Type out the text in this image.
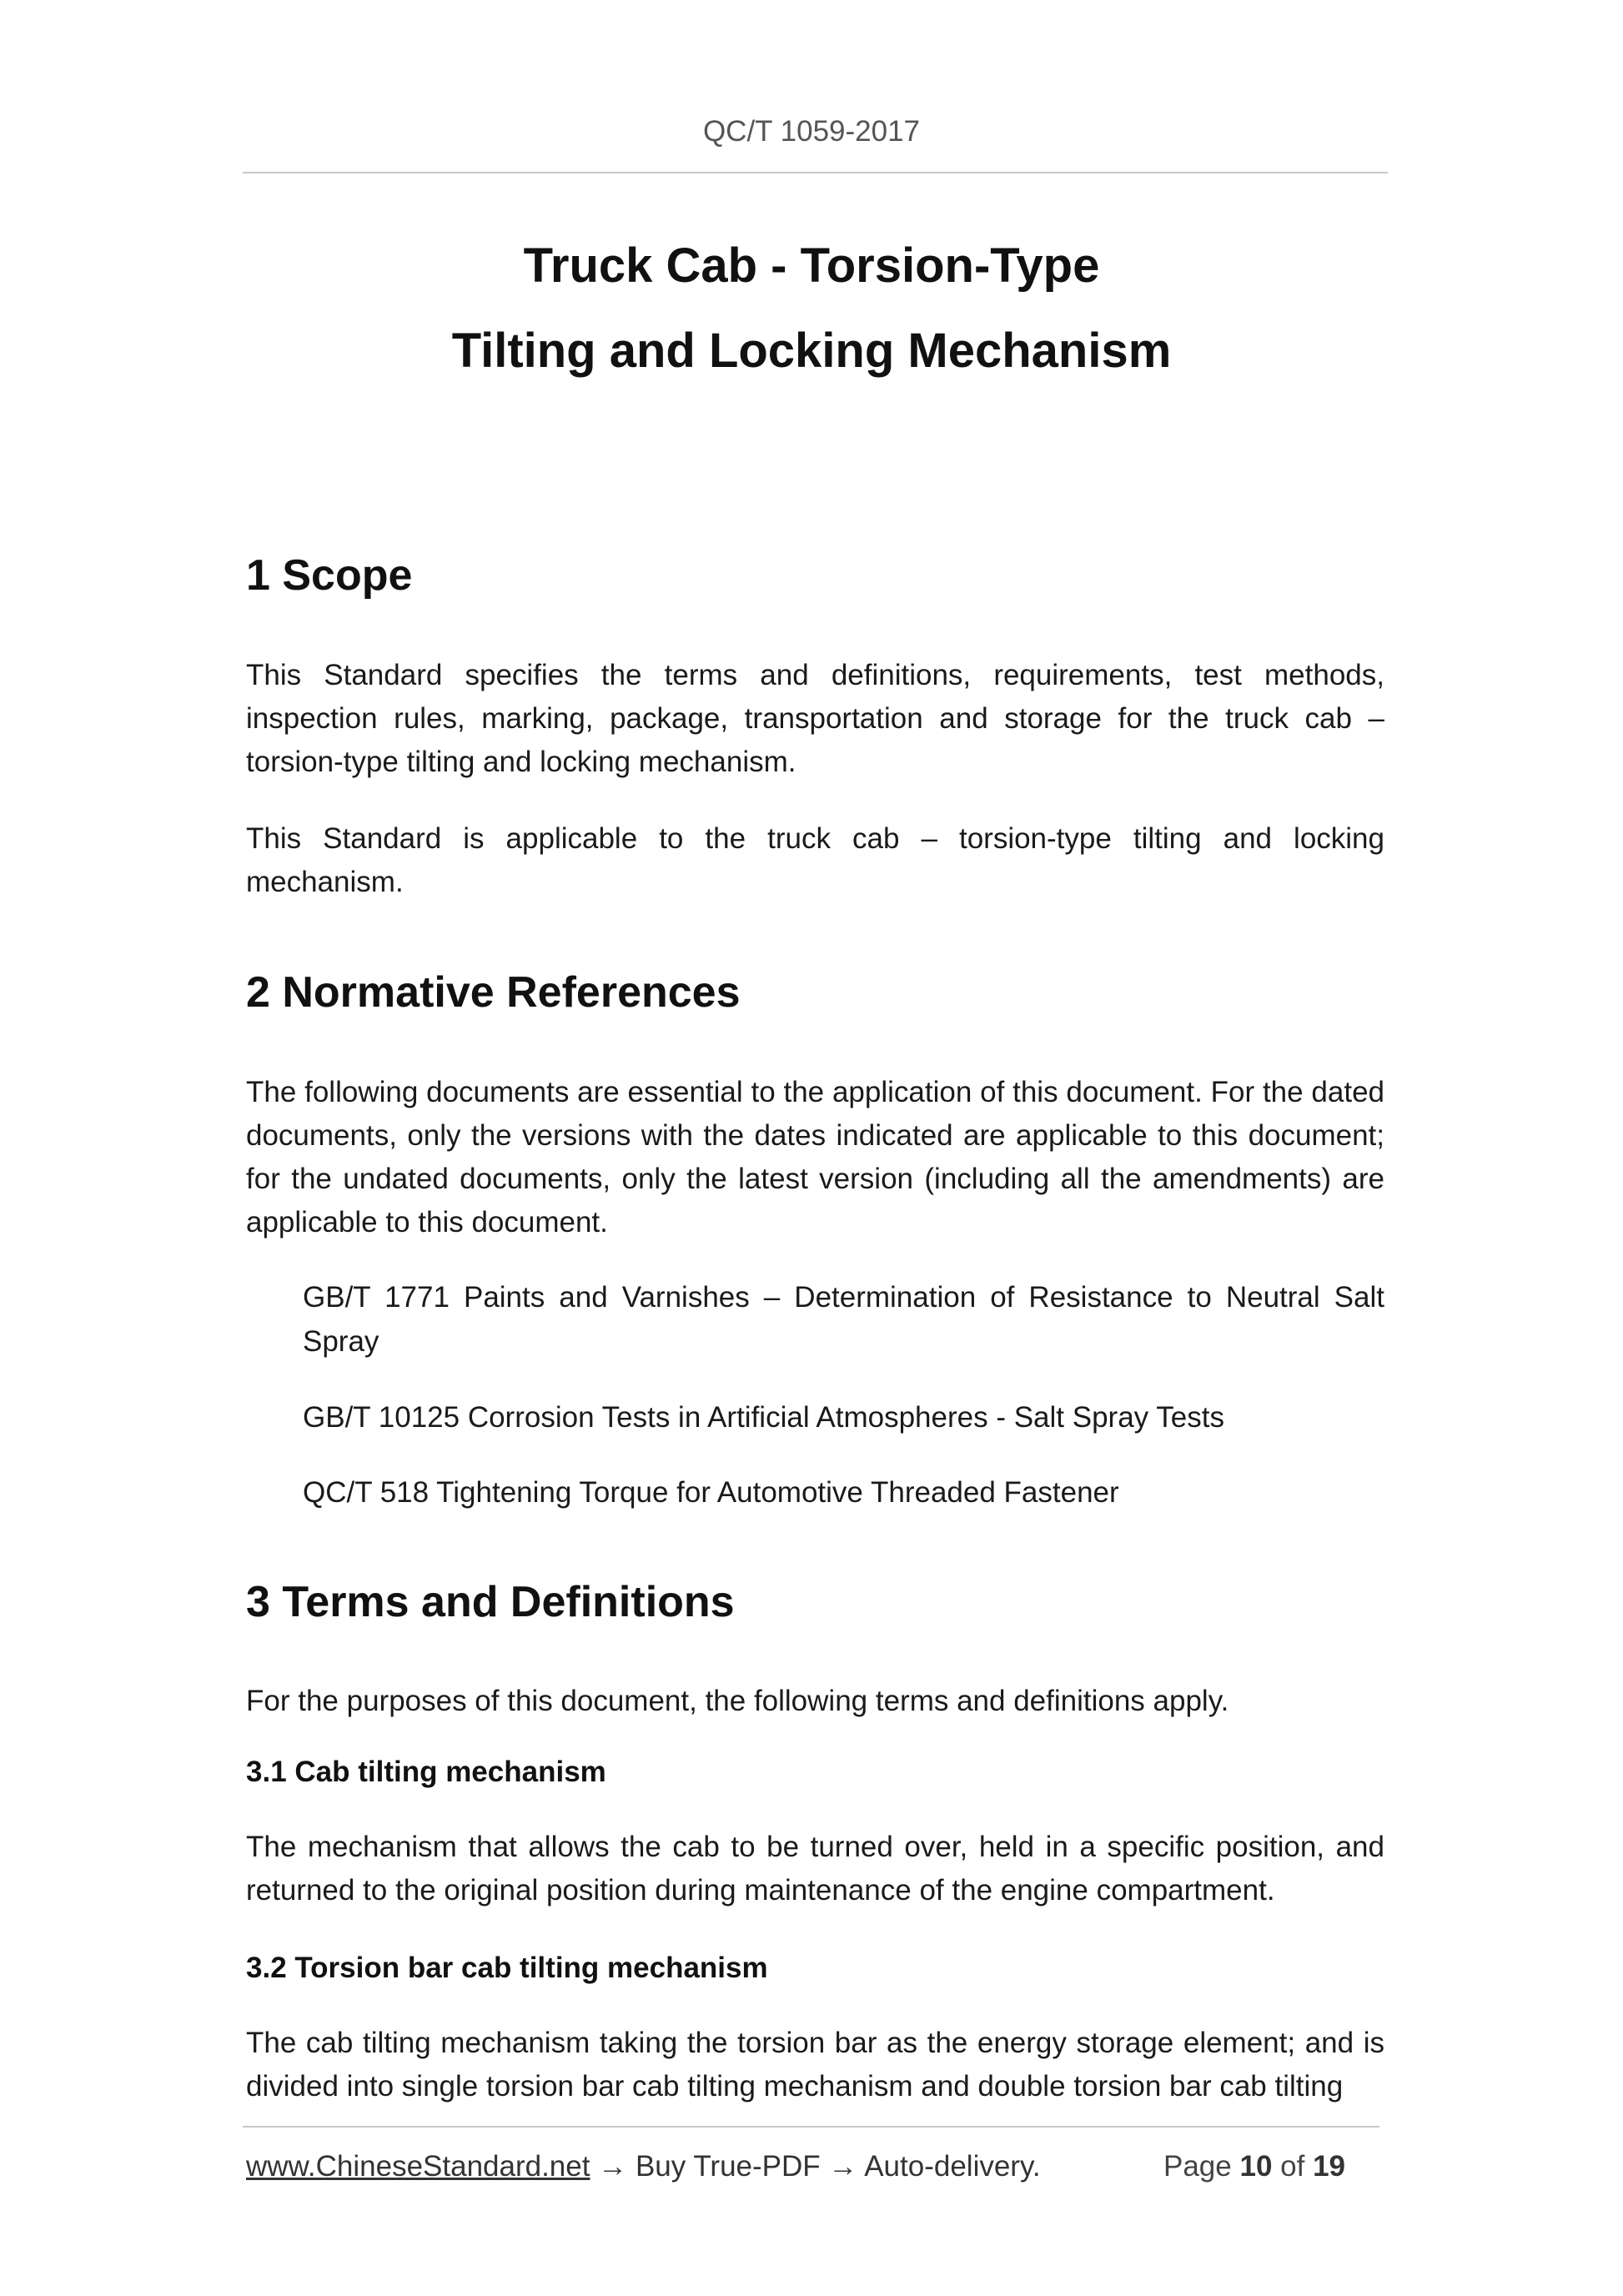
QC/T 1059-2017
Truck Cab - Torsion-Type
Tilting and Locking Mechanism
1 Scope
This Standard specifies the terms and definitions, requirements, test methods, inspection rules, marking, package, transportation and storage for the truck cab – torsion-type tilting and locking mechanism.
This Standard is applicable to the truck cab – torsion-type tilting and locking mechanism.
2 Normative References
The following documents are essential to the application of this document. For the dated documents, only the versions with the dates indicated are applicable to this document; for the undated documents, only the latest version (including all the amendments) are applicable to this document.
GB/T 1771 Paints and Varnishes – Determination of Resistance to Neutral Salt Spray
GB/T 10125 Corrosion Tests in Artificial Atmospheres - Salt Spray Tests
QC/T 518 Tightening Torque for Automotive Threaded Fastener
3 Terms and Definitions
For the purposes of this document, the following terms and definitions apply.
3.1 Cab tilting mechanism
The mechanism that allows the cab to be turned over, held in a specific position, and returned to the original position during maintenance of the engine compartment.
3.2 Torsion bar cab tilting mechanism
The cab tilting mechanism taking the torsion bar as the energy storage element; and is divided into single torsion bar cab tilting mechanism and double torsion bar cab tilting
www.ChineseStandard.net → Buy True-PDF → Auto-delivery.	Page 10 of 19
